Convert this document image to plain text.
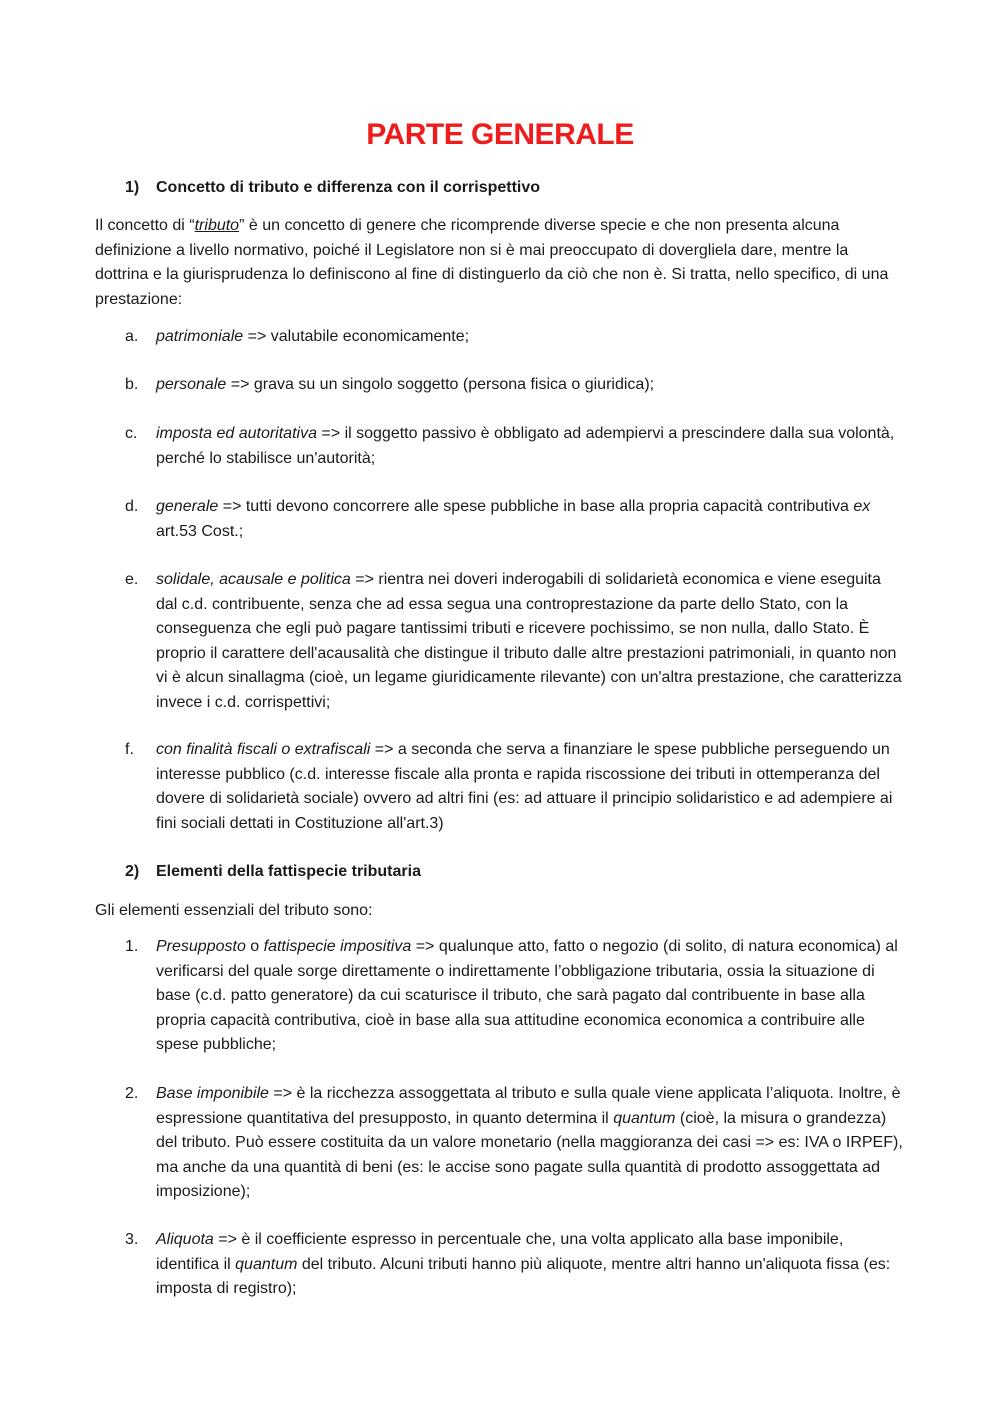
PARTE GENERALE

1) Concetto di tributo e differenza con il corrispettivo

Il concetto di “tributo” è un concetto di genere che ricomprende diverse specie e che non presenta alcuna definizione a livello normativo, poiché il Legislatore non si è mai preoccupato di dovergliela dare, mentre la dottrina e la giurisprudenza lo definiscono al fine di distinguerlo da ciò che non è. Si tratta, nello specifico, di una prestazione:

a.	patrimoniale => valutabile economicamente;
b.	personale => grava su un singolo soggetto (persona fisica o giuridica);
c.	imposta ed autoritativa => il soggetto passivo è obbligato ad adempiervi a prescindere dalla sua volontà, perché lo stabilisce un'autorità;
d.	generale => tutti devono concorrere alle spese pubbliche in base alla propria capacità contributiva ex art.53 Cost.;
e.	solidale, acausale e politica => rientra nei doveri inderogabili di solidarietà economica e viene eseguita dal c.d. contribuente, senza che ad essa segua una controprestazione da parte dello Stato, con la conseguenza che egli può pagare tantissimi tributi e ricevere pochissimo, se non nulla, dallo Stato. È proprio il carattere dell'acausalità che distingue il tributo dalle altre prestazioni patrimoniali, in quanto non vi è alcun sinallagma (cioè, un legame giuridicamente rilevante) con un'altra prestazione, che caratterizza invece i c.d. corrispettivi;
f.	con finalità fiscali o extrafiscali => a seconda che serva a finanziare le spese pubbliche perseguendo un interesse pubblico (c.d. interesse fiscale alla pronta e rapida riscossione dei tributi in ottemperanza del dovere di solidarietà sociale) ovvero ad altri fini (es: ad attuare il principio solidaristico e ad adempiere ai fini sociali dettati in Costituzione all'art.3)

2) Elementi della fattispecie tributaria

Gli elementi essenziali del tributo sono:

1.	Presupposto o fattispecie impositiva => qualunque atto, fatto o negozio (di solito, di natura economica) al verificarsi del quale sorge direttamente o indirettamente l’obbligazione tributaria, ossia la situazione di base (c.d. patto generatore) da cui scaturisce il tributo, che sarà pagato dal contribuente in base alla propria capacità contributiva, cioè in base alla sua attitudine economica economica a contribuire alle spese pubbliche;
2.	Base imponibile => è la ricchezza assoggettata al tributo e sulla quale viene applicata l’aliquota. Inoltre, è espressione quantitativa del presupposto, in quanto determina il quantum (cioè, la misura o grandezza) del tributo. Può essere costituita da un valore monetario (nella maggioranza dei casi => es: IVA o IRPEF), ma anche da una quantità di beni (es: le accise sono pagate sulla quantità di prodotto assoggettata ad imposizione);
3.	Aliquota => è il coefficiente espresso in percentuale che, una volta applicato alla base imponibile, identifica il quantum del tributo. Alcuni tributi hanno più aliquote, mentre altri hanno un'aliquota fissa (es: imposta di registro);
